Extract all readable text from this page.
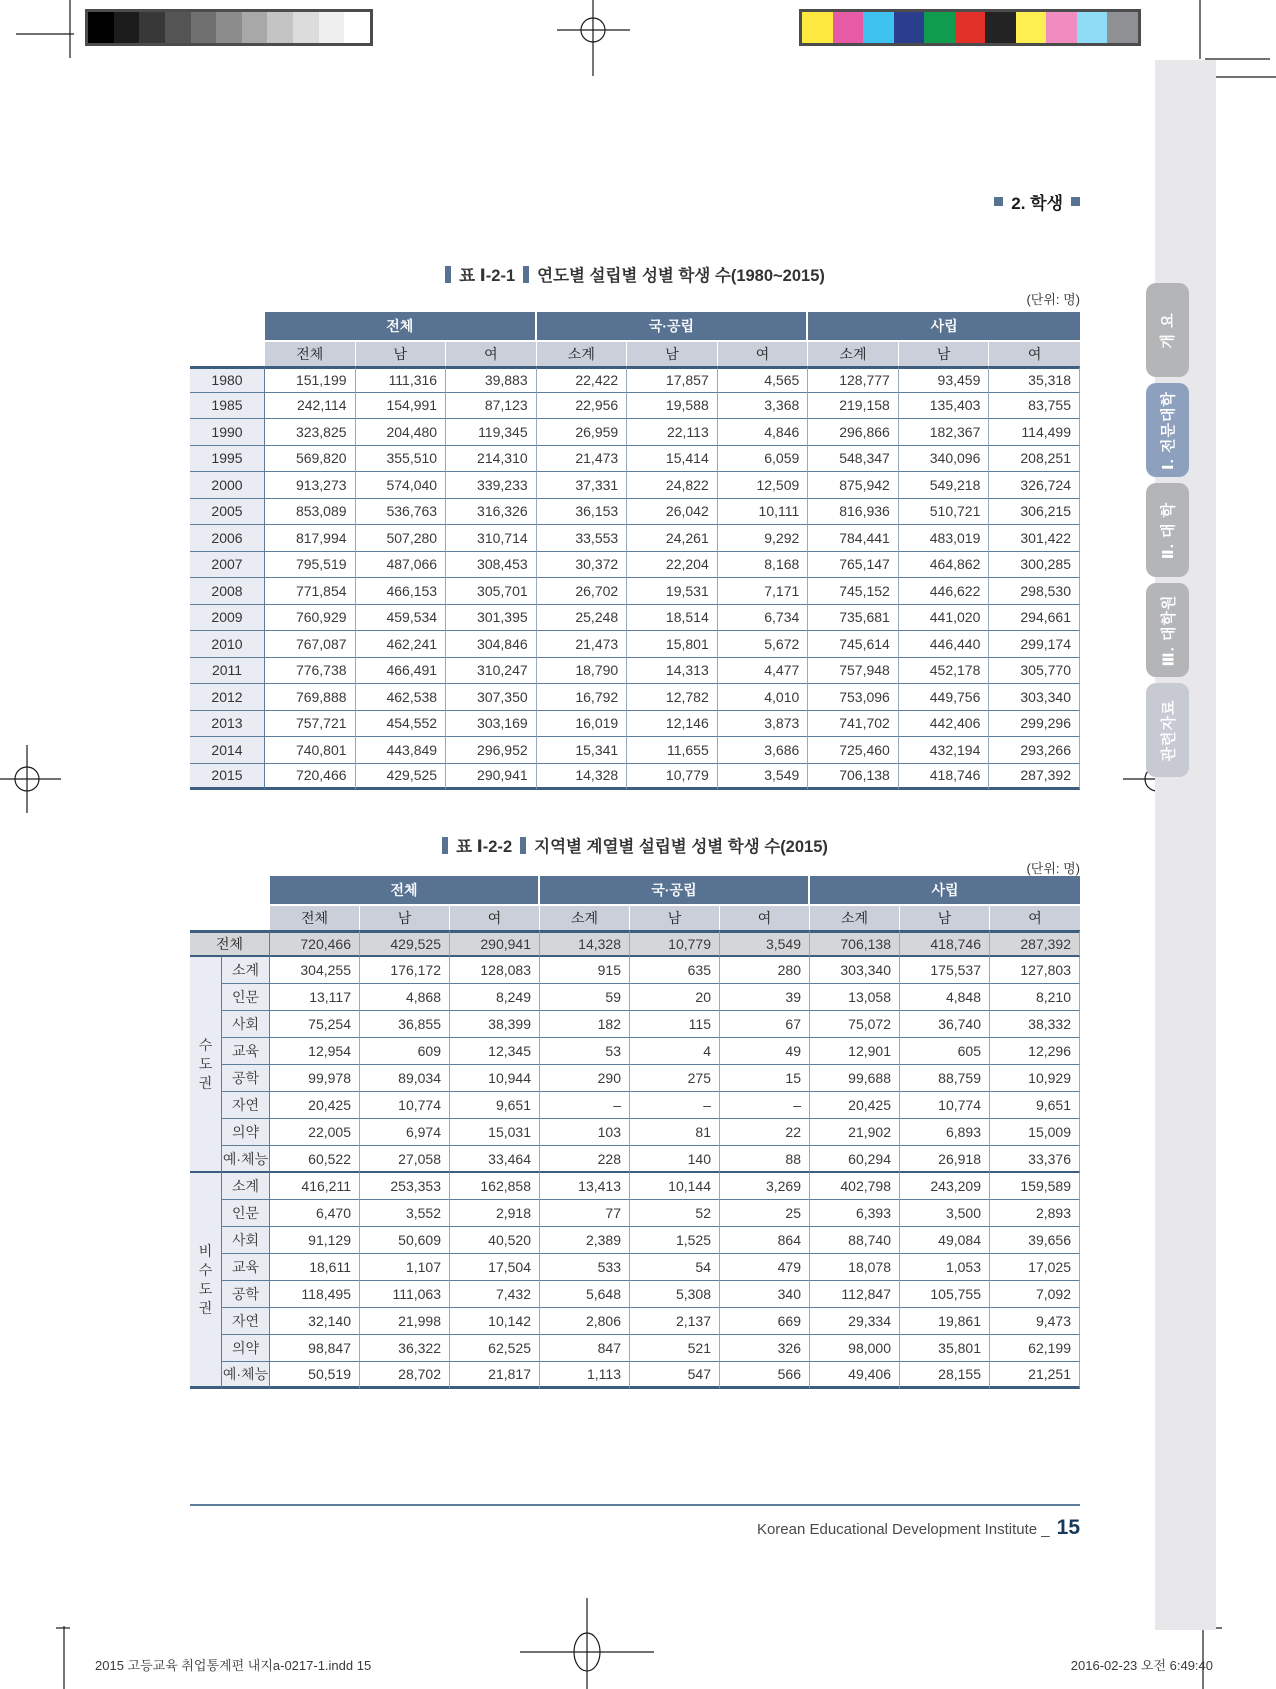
개 요
Ⅰ. 전문대학
Ⅱ. 대 학
Ⅲ. 대학원
관련자료
2. 학생
표 Ⅰ-2-1 연도별 설립별 성별 학생 수(1980~2015)
(단위: 명)
	전체			국·공립			사립		
	전체	남	여	소계	남	여	소계	남	여
1980	151,199	111,316	39,883	22,422	17,857	4,565	128,777	93,459	35,318
1985	242,114	154,991	87,123	22,956	19,588	3,368	219,158	135,403	83,755
1990	323,825	204,480	119,345	26,959	22,113	4,846	296,866	182,367	114,499
1995	569,820	355,510	214,310	21,473	15,414	6,059	548,347	340,096	208,251
2000	913,273	574,040	339,233	37,331	24,822	12,509	875,942	549,218	326,724
2005	853,089	536,763	316,326	36,153	26,042	10,111	816,936	510,721	306,215
2006	817,994	507,280	310,714	33,553	24,261	9,292	784,441	483,019	301,422
2007	795,519	487,066	308,453	30,372	22,204	8,168	765,147	464,862	300,285
2008	771,854	466,153	305,701	26,702	19,531	7,171	745,152	446,622	298,530
2009	760,929	459,534	301,395	25,248	18,514	6,734	735,681	441,020	294,661
2010	767,087	462,241	304,846	21,473	15,801	5,672	745,614	446,440	299,174
2011	776,738	466,491	310,247	18,790	14,313	4,477	757,948	452,178	305,770
2012	769,888	462,538	307,350	16,792	12,782	4,010	753,096	449,756	303,340
2013	757,721	454,552	303,169	16,019	12,146	3,873	741,702	442,406	299,296
2014	740,801	443,849	296,952	15,341	11,655	3,686	725,460	432,194	293,266
2015	720,466	429,525	290,941	14,328	10,779	3,549	706,138	418,746	287,392
표 Ⅰ-2-2 지역별 계열별 설립별 성별 학생 수(2015)
(단위: 명)
		전체			국·공립			사립		
		전체	남	여	소계	남	여	소계	남	여
전체		720,466	429,525	290,941	14,328	10,779	3,549	706,138	418,746	287,392
수
도
권	소계	304,255	176,172	128,083	915	635	280	303,340	175,537	127,803
	인문	13,117	4,868	8,249	59	20	39	13,058	4,848	8,210
	사회	75,254	36,855	38,399	182	115	67	75,072	36,740	38,332
	교육	12,954	609	12,345	53	4	49	12,901	605	12,296
	공학	99,978	89,034	10,944	290	275	15	99,688	88,759	10,929
	자연	20,425	10,774	9,651	–	–	–	20,425	10,774	9,651
	의약	22,005	6,974	15,031	103	81	22	21,902	6,893	15,009
	예·체능	60,522	27,058	33,464	228	140	88	60,294	26,918	33,376
비
수
도
권	소계	416,211	253,353	162,858	13,413	10,144	3,269	402,798	243,209	159,589
	인문	6,470	3,552	2,918	77	52	25	6,393	3,500	2,893
	사회	91,129	50,609	40,520	2,389	1,525	864	88,740	49,084	39,656
	교육	18,611	1,107	17,504	533	54	479	18,078	1,053	17,025
	공학	118,495	111,063	7,432	5,648	5,308	340	112,847	105,755	7,092
	자연	32,140	21,998	10,142	2,806	2,137	669	29,334	19,861	9,473
	의약	98,847	36,322	62,525	847	521	326	98,000	35,801	62,199
	예·체능	50,519	28,702	21,817	1,113	547	566	49,406	28,155	21,251
Korean Educational Development Institute _ 15
2015 고등교육 취업통계편 내지a-0217-1.indd 15	2016-02-23 오전 6:49:40
